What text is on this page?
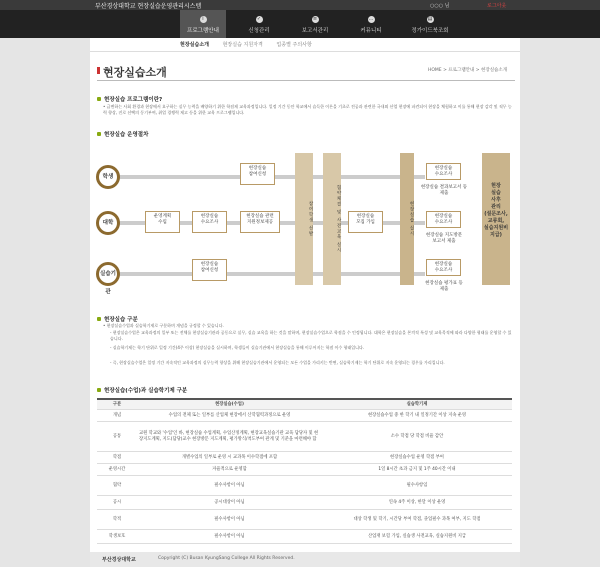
부산경상대학교 현장실습운영관리시스템	○○○ 님	로그아웃
i
프로그램안내
✓
신청관리
≡
보고서관리
…
커뮤니티
▤
정가이드북조회
현장실습소개	현장실습 지원자격	업종별 주의사항
현장실습소개	HOME > 프로그램안내 > 현장실습소개
현장실습 프로그램이란?
• 급변하는 사회 환경과 현장에서 요구하는 실무 능력을 배양하기 위한 학점제 교육과정입니다. 일정 기간 동안 학교에서 습득한 이론을 기초로 전공과 관련한 국내외 산업 현장에 파견되어 현장을 체험하고 이를 통해 현장 감각 및 직무 능력 향상, 진로 선택의 동기부여, 취업 경쟁력 제고 등을 위한 교육 프로그램입니다.
현장실습 운영절차
학생
대학
실습기관
현장실습
참여신청
운영계획
수립
현장실습
수요조사
현장실습 관련
지원정보제공
현장실습
참여신청
현장실습
모집 가입
현장실습
수요조사
현장실습
수요조사
현장실습
수요조사
현장실습 결과보고서 등
제출
현장실습 지도방문
보고서 제출
현장실습 평가표 등
제출
참여학생 선발	협약체결 및 사전교육 실시	현장실습 실시
현장
실습
사후
관리
(설문조사,
교류회,
실습지원비
지급)
현장실습 구분
• 현장실습수업과 실습학기제로 구분하며 개념을 규정할 수 있습니다.
- 현장실습수업은 교육과정의 일부 또는 전체를 현장실습기관과 공동으로 실무, 실습 교육을 하는 것을 말하며, 현장실습수업으로 학점을 수 인정됩니다. 대학은 현장실습을 본격적 특성 및 교육목적에 따라 다양한 형태를 운영할 수 있습니다.
- 실습학기제는 학기 단위로 일정 기간(4주 이상) 현장실습을 실시하며, 학생들이 실습기관에서 현장실습을 통해 이루어지는 학점 이수 형태입니다.
- 즉, 현장실습수업은 일정 기간 지속적인 교육과정의 실무능력 향상을 위해 현장실습기관에서 운영되는 모든 수업을 가리키는 반면, 실습학기제는 학기 단위로 지속 운영되는 경우를 가리킵니다.
현장실습(수업)과 실습학기제 구분
구분	현장실습(수업)	실습학기제
개념	수업의 전체 또는 일부를 산업체 현장에서 산학협력과정으로 운영	현장실습수업 중 한 학기 내 일정기간 이상 지속 운영
공통	교원 학교와 '수업'인 바, 현장실습 수업계획, 수업산정계획, 현장교육실습기관 교육 담당자 및 현장지도계획, 지도(담당)교수 현장방문 지도계획, 평가방식/척도부여 관계 및 기준을 마련해야 함	소수 학점 당 학점 비율 감안
학점	개별수업의 일부로 운영 시 교과목 이수학점에 포함	현장실습수업 운영 학점 부여
운영시간	자율적으로 운영함	1일 8시간 초과 금지 및 1주 40시간 이내
협약	필수사항이 아님	필수사항임
공시	공시대상이 아님	연속 4주 이상, 한달 이상 운영
학적	필수사항이 아님	대상 학생 및 학기, 시간당 부여 학점, 졸업필수 과목 여부, 지도 학점
학생보호	필수사항이 아님	산업재 보험 가입, 실습생 사전교육, 실습지원비 지급
부산경상대학교	Copyright (C) Busan KyungSang College All Rights Reserved.
